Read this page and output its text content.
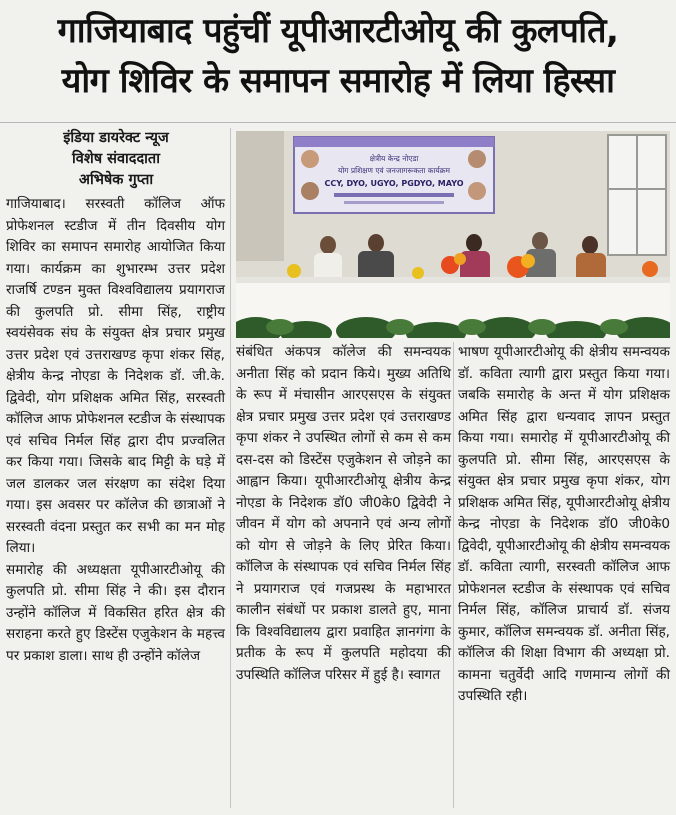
गाजियाबाद पहुंचीं यूपीआरटीओयू की कुलपति,
योग शिविर के समापन समारोह में लिया हिस्सा
इंडिया डायरेक्ट न्यूज
विशेष संवाददाता
अभिषेक गुप्ता

गाजियाबाद। सरस्वती कॉलिज ऑफ प्रोफेशनल स्टडीज में तीन दिवसीय योग शिविर का समापन समारोह आयोजित किया गया। कार्यक्रम का शुभारम्भ उत्तर प्रदेश राजर्षि टण्डन मुक्त विश्वविद्यालय प्रयागराज की कुलपति प्रो. सीमा सिंह, राष्ट्रीय स्वयंसेवक संघ के संयुक्त क्षेत्र प्रचार प्रमुख उत्तर प्रदेश एवं उत्तराखण्ड कृपा शंकर सिंह, क्षेत्रीय केन्द्र नोएडा के निदेशक डॉ. जी.के. द्विवेदी, योग प्रशिक्षक अमित सिंह, सरस्वती कॉलिज आफ प्रोफेशनल स्टडीज के संस्थापक एवं सचिव निर्मल सिंह द्वारा दीप प्रज्वलित कर किया गया। जिसके बाद मिट्टी के घड़े में जल डालकर जल संरक्षण का संदेश दिया गया। इस अवसर पर कॉलेज की छात्राओं ने सरस्वती वंदना प्रस्तुत कर सभी का मन मोह लिया।

समारोह की अध्यक्षता यूपीआरटीओयू की कुलपति प्रो. सीमा सिंह ने की। इस दौरान उन्होंने कॉलिज में विकसित हरित क्षेत्र की सराहना करते हुए डिस्टेंस एजुकेशन के महत्त्व पर प्रकाश डाला। साथ ही उन्होंने कॉलेज

क्षेत्रीय केन्द्र नोएडा
योग प्रशिक्षण एवं जनजागरूकता कार्यक्रम
CCY, DYO, UGYO, PGDYO, MAYO

संबंधित अंकपत्र कॉलेज की समन्वयक अनीता सिंह को प्रदान किये। मुख्य अतिथि के रूप में मंचासीन आरएसएस के संयुक्त क्षेत्र प्रचार प्रमुख उत्तर प्रदेश एवं उत्तराखण्ड कृपा शंकर ने उपस्थित लोगों से कम से कम दस-दस को डिस्टेंस एजुकेशन से जोड़ने का आह्वान किया। यूपीआरटीओयू क्षेत्रीय केन्द्र नोएडा के निदेशक डॉ0 जी0के0 द्विवेदी ने जीवन में योग को अपनाने एवं अन्य लोगों को योग से जोड़ने के लिए प्रेरित किया। कॉलिज के संस्थापक एवं सचिव निर्मल सिंह ने प्रयागराज एवं गजप्रस्थ के महाभारत कालीन संबंधों पर प्रकाश डालते हुए, माना कि विश्वविद्यालय द्वारा प्रवाहित ज्ञानगंगा के प्रतीक के रूप में कुलपति महोदया की उपस्थिति कॉलिज परिसर में हुई है। स्वागत

भाषण यूपीआरटीओयू की क्षेत्रीय समन्वयक डॉ. कविता त्यागी द्वारा प्रस्तुत किया गया। जबकि समारोह के अन्त में योग प्रशिक्षक अमित सिंह द्वारा धन्यवाद ज्ञापन प्रस्तुत किया गया। समारोह में यूपीआरटीओयू की कुलपति प्रो. सीमा सिंह, आरएसएस के संयुक्त क्षेत्र प्रचार प्रमुख कृपा शंकर, योग प्रशिक्षक अमित सिंह, यूपीआरटीओयू क्षेत्रीय केन्द्र नोएडा के निदेशक डॉ0 जी0के0 द्विवेदी, यूपीआरटीओयू की क्षेत्रीय समन्वयक डॉ. कविता त्यागी, सरस्वती कॉलिज आफ प्रोफेशनल स्टडीज के संस्थापक एवं सचिव निर्मल सिंह, कॉलिज प्राचार्य डॉ. संजय कुमार, कॉलिज समन्वयक डॉ. अनीता सिंह, कॉलिज की शिक्षा विभाग की अध्यक्षा प्रो. कामना चतुर्वेदी आदि गणमान्य लोगों की उपस्थिति रही।
